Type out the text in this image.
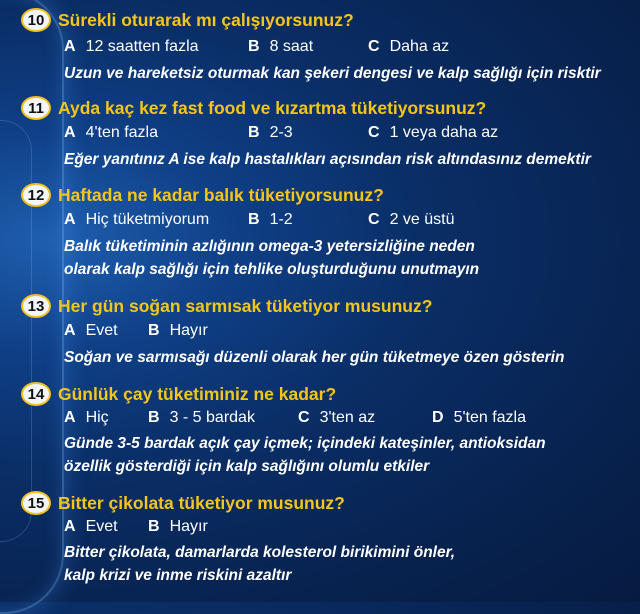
10 Sürekli oturarak mı çalışıyorsunuz?
A 12 saatten fazla	B 8 saat	C Daha az
Uzun ve hareketsiz oturmak kan şekeri dengesi ve kalp sağlığı için risktir
11 Ayda kaç kez fast food ve kızartma tüketiyorsunuz?
A 4'ten fazla	B 2-3	C 1 veya daha az
Eğer yanıtınız A ise kalp hastalıkları açısından risk altındasınız demektir
12 Haftada ne kadar balık tüketiyorsunuz?
A Hiç tüketmiyorum B 1-2	C 2 ve üstü
Balık tüketiminin azlığının omega-3 yetersizliğine neden
olarak kalp sağlığı için tehlike oluşturduğunu unutmayın
13 Her gün soğan sarmısak tüketiyor musunuz?
A Evet B Hayır
Soğan ve sarmısağı düzenli olarak her gün tüketmeye özen gösterin
14 Günlük çay tüketiminiz ne kadar?
A Hiç B 3 - 5 bardak	C 3'ten az	D 5'ten fazla
Günde 3-5 bardak açık çay içmek; içindeki kateşinler, antioksidan
özellik gösterdiği için kalp sağlığını olumlu etkiler
15 Bitter çikolata tüketiyor musunuz?
A Evet B Hayır
Bitter çikolata, damarlarda kolesterol birikimini önler,
kalp krizi ve inme riskini azaltır
